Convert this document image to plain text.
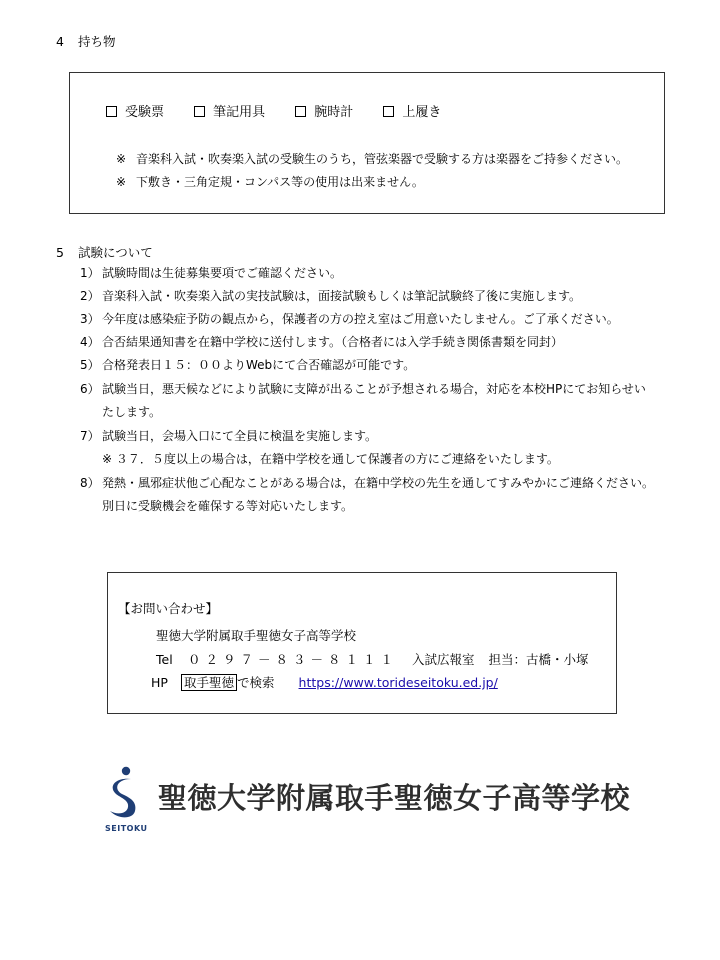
4 持ち物
受験票	筆記用具	腕時計	上履き
※ 音楽科入試・吹奏楽入試の受験生のうち，管弦楽器で受験する方は楽器をご持参ください。
※ 下敷き・三角定規・コンパス等の使用は出来ません。
5 試験について
1） 試験時間は生徒募集要項でご確認ください。
2） 音楽科入試・吹奏楽入試の実技試験は，面接試験もしくは筆記試験終了後に実施します。
3） 今年度は感染症予防の観点から，保護者の方の控え室はご用意いたしません。ご了承ください。
4） 合否結果通知書を在籍中学校に送付します。（合格者には入学手続き関係書類を同封）
5） 合格発表日１５：００よりWebにて合否確認が可能です。
6） 試験当日，悪天候などにより試験に支障が出ることが予想される場合，対応を本校HPにてお知らせい
たします。
7） 試験当日，会場入口にて全員に検温を実施します。
※ ３７．５度以上の場合は，在籍中学校を通して保護者の方にご連絡をいたします。
8） 発熱・風邪症状他ご心配なことがある場合は，在籍中学校の先生を通してすみやかにご連絡ください。
別日に受験機会を確保する等対応いたします。
【お問い合わせ】
聖徳大学附属取手聖徳女子高等学校
Tel ０２９７－８３－８１１１ 入試広報室 担当：古橋・小塚
HP 取手聖徳 で検索 https://www.torideseitoku.ed.jp/
SEITOKU
聖徳大学附属取手聖徳女子高等学校
